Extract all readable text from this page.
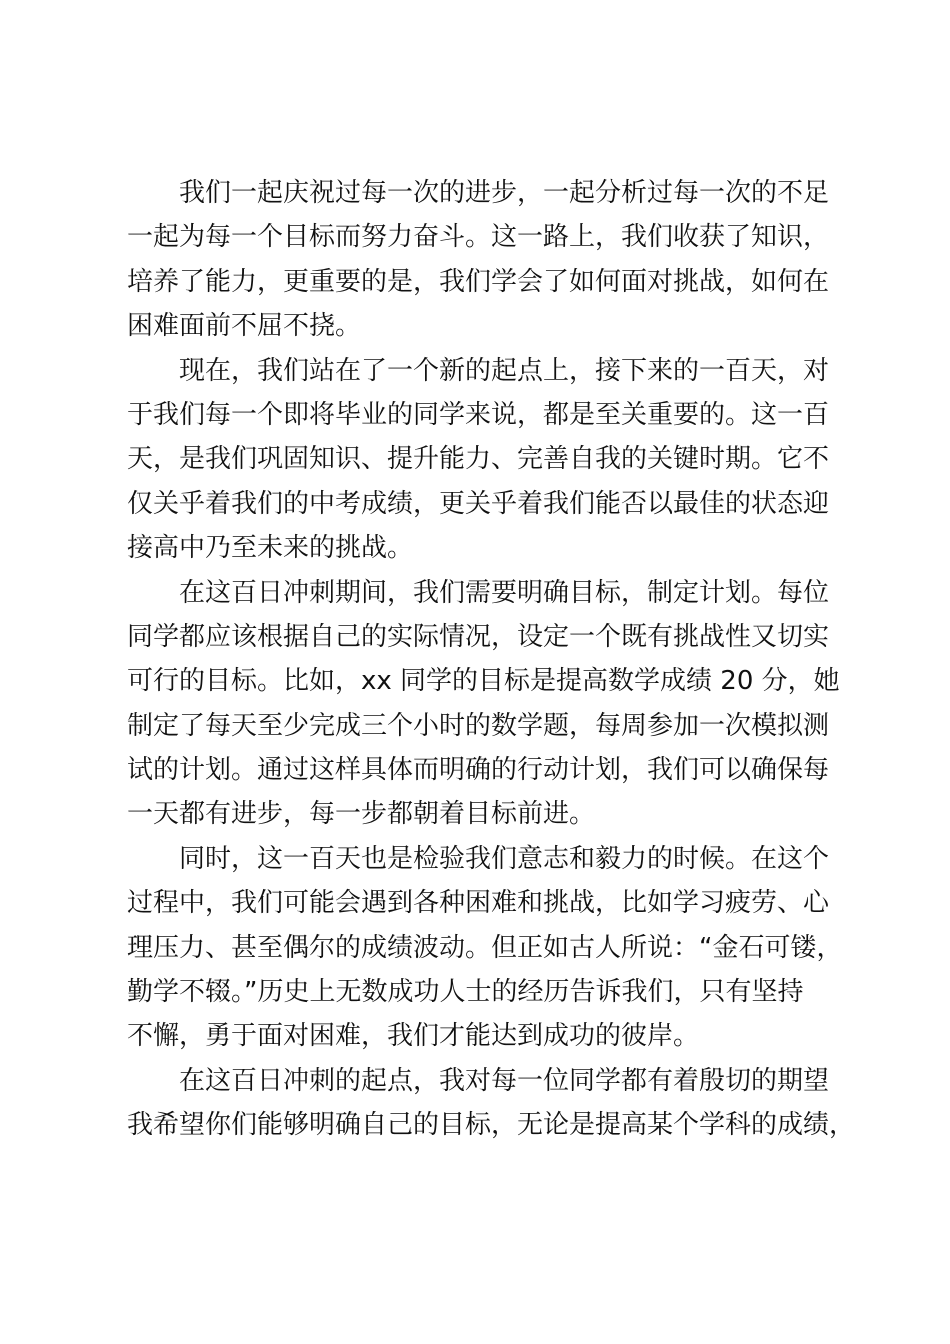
我们一起庆祝过每一次的进步，一起分析过每一次的不足
一起为每一个目标而努力奋斗。这一路上，我们收获了知识，
培养了能力，更重要的是，我们学会了如何面对挑战，如何在
困难面前不屈不挠。
现在，我们站在了一个新的起点上，接下来的一百天，对
于我们每一个即将毕业的同学来说，都是至关重要的。这一百
天，是我们巩固知识、提升能力、完善自我的关键时期。它不
仅关乎着我们的中考成绩，更关乎着我们能否以最佳的状态迎
接高中乃至未来的挑战。
在这百日冲刺期间，我们需要明确目标，制定计划。每位
同学都应该根据自己的实际情况，设定一个既有挑战性又切实
可行的目标。比如，xx 同学的目标是提高数学成绩 20 分，她
制定了每天至少完成三个小时的数学题，每周参加一次模拟测
试的计划。通过这样具体而明确的行动计划，我们可以确保每
一天都有进步，每一步都朝着目标前进。
同时，这一百天也是检验我们意志和毅力的时候。在这个
过程中，我们可能会遇到各种困难和挑战，比如学习疲劳、心
理压力、甚至偶尔的成绩波动。但正如古人所说：“金石可镂，
勤学不辍。”历史上无数成功人士的经历告诉我们，只有坚持
不懈，勇于面对困难，我们才能达到成功的彼岸。
在这百日冲刺的起点，我对每一位同学都有着殷切的期望
我希望你们能够明确自己的目标，无论是提高某个学科的成绩，
